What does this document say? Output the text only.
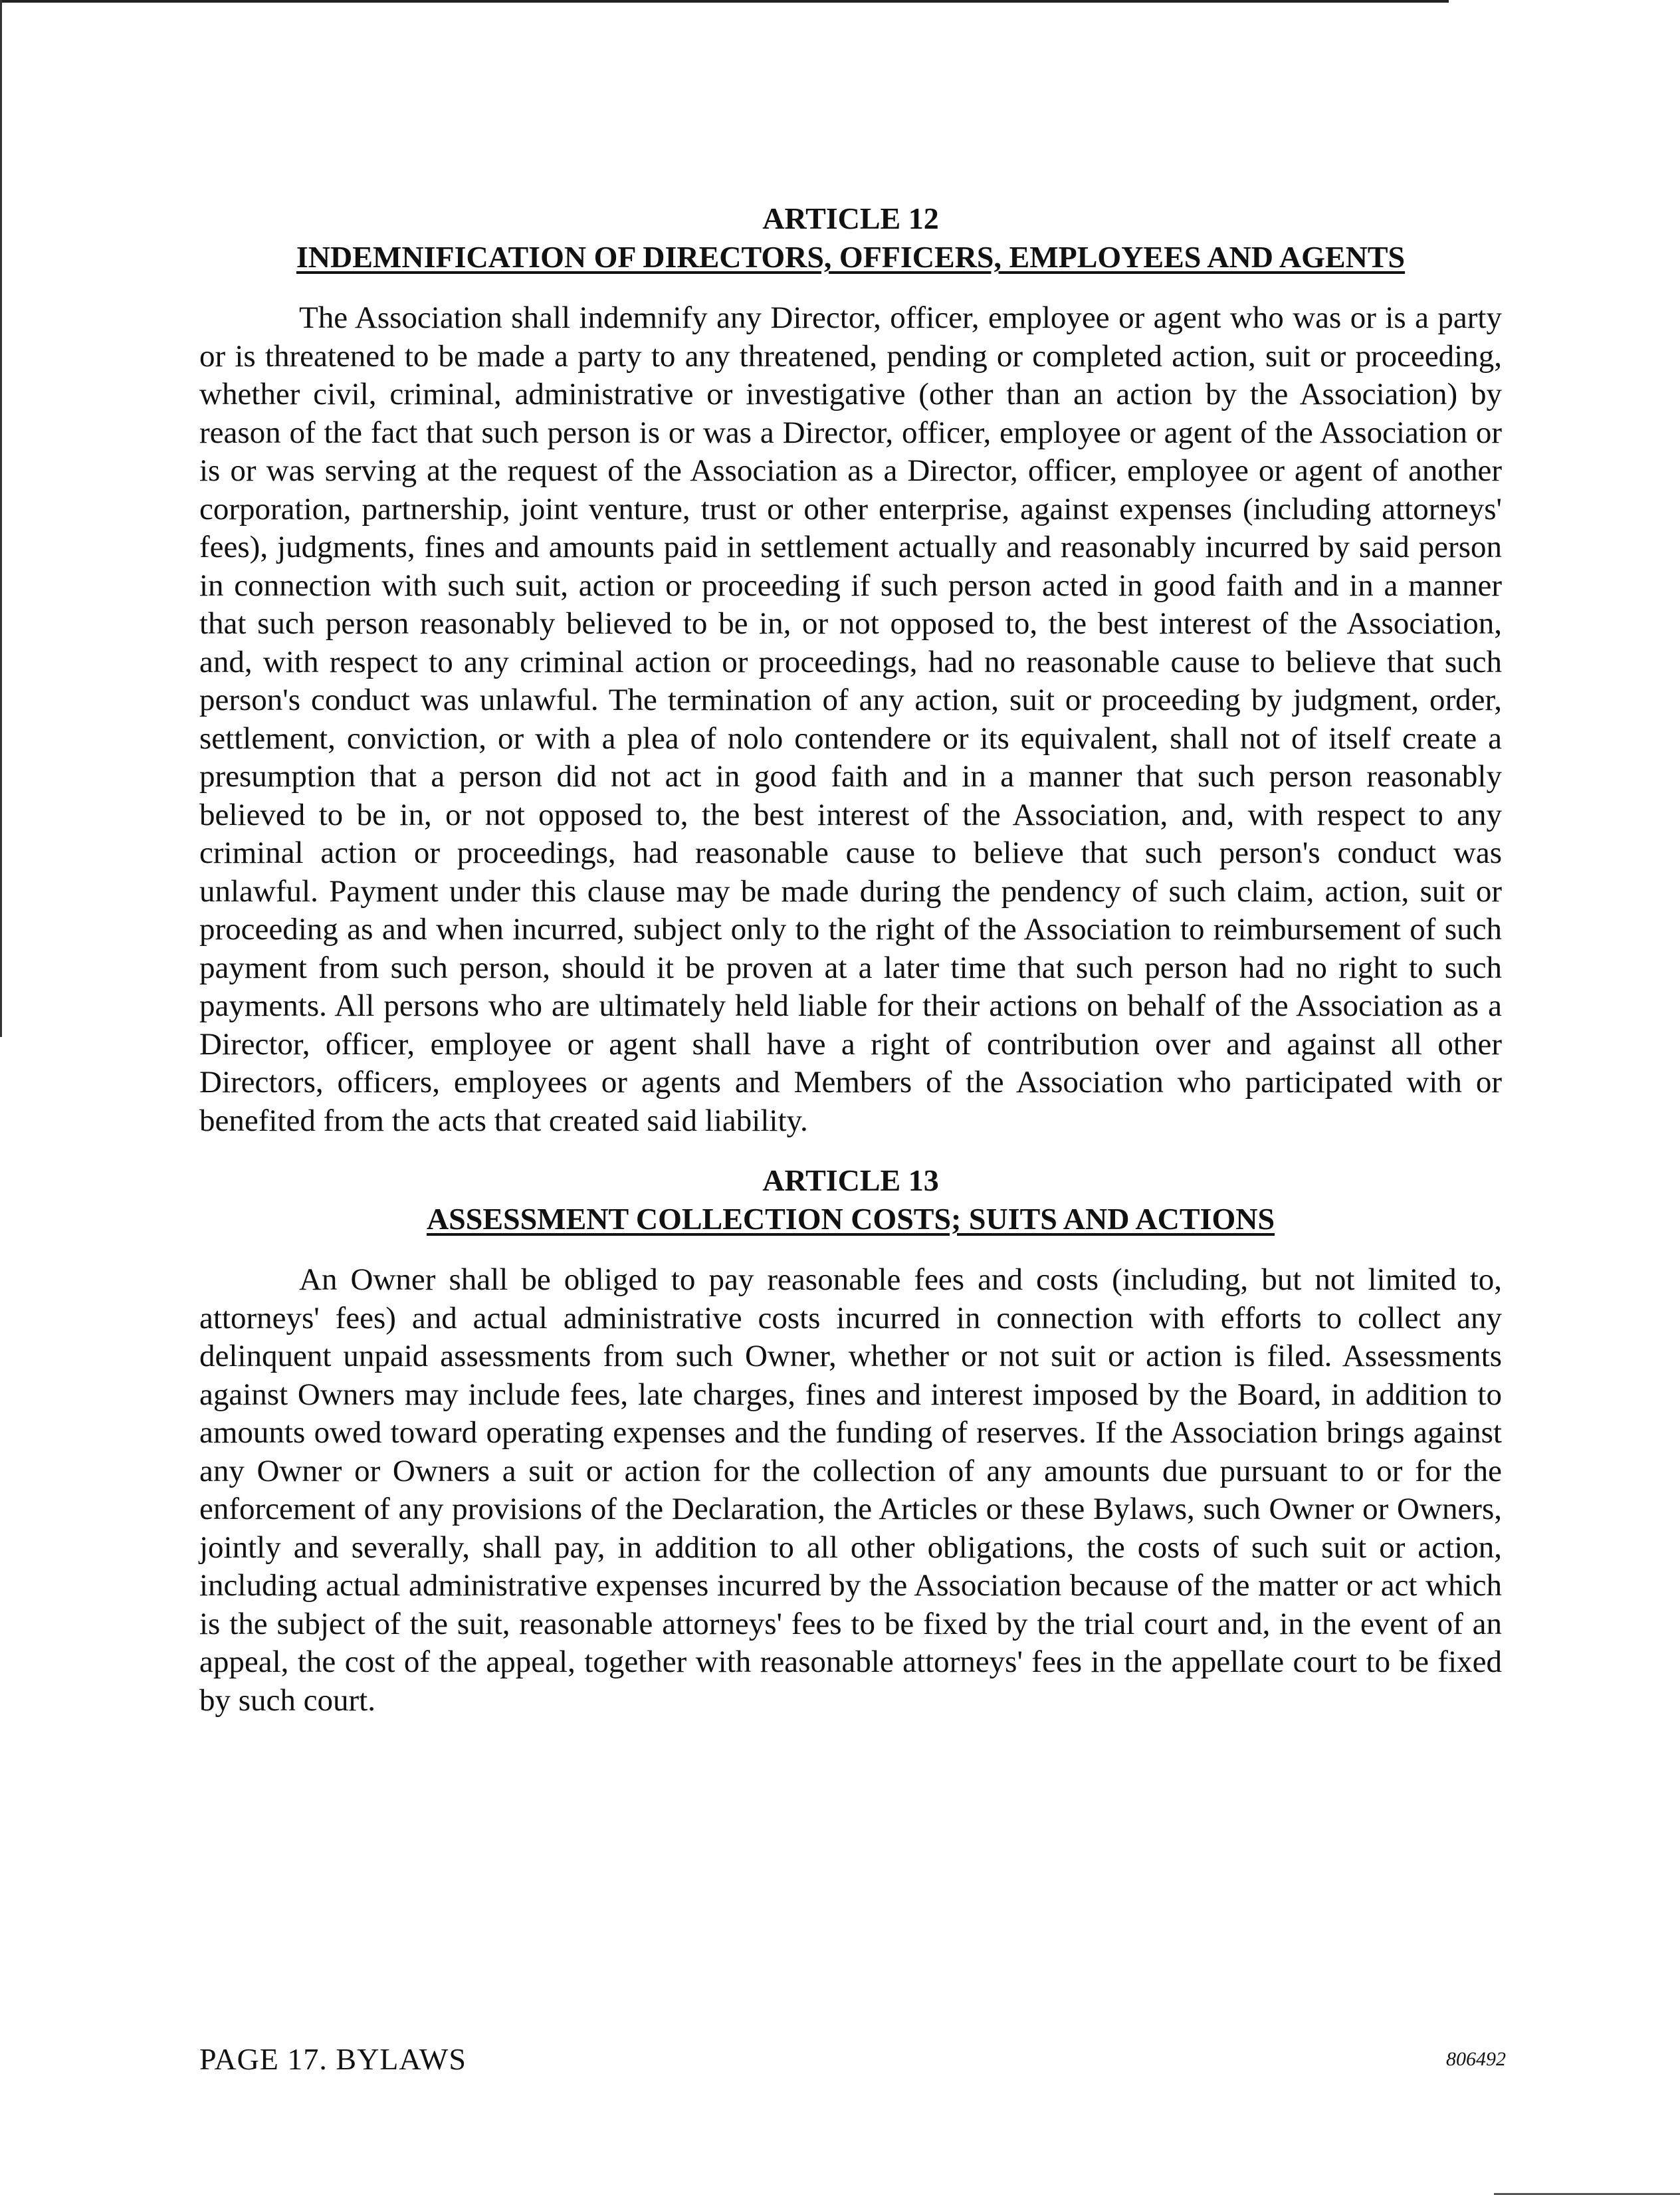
ARTICLE 12
INDEMNIFICATION OF DIRECTORS, OFFICERS, EMPLOYEES AND AGENTS

The Association shall indemnify any Director, officer, employee or agent who was or is a party or is threatened to be made a party to any threatened, pending or completed action, suit or proceeding, whether civil, criminal, administrative or investigative (other than an action by the Association) by reason of the fact that such person is or was a Director, officer, employee or agent of the Association or is or was serving at the request of the Association as a Director, officer, employee or agent of another corporation, partnership, joint venture, trust or other enterprise, against expenses (including attorneys' fees), judgments, fines and amounts paid in settlement actually and reasonably incurred by said person in connection with such suit, action or proceeding if such person acted in good faith and in a manner that such person reasonably believed to be in, or not opposed to, the best interest of the Association, and, with respect to any criminal action or proceedings, had no reasonable cause to believe that such person's conduct was unlawful. The termination of any action, suit or proceeding by judgment, order, settlement, conviction, or with a plea of nolo contendere or its equivalent, shall not of itself create a presumption that a person did not act in good faith and in a manner that such person reasonably believed to be in, or not opposed to, the best interest of the Association, and, with respect to any criminal action or proceedings, had reasonable cause to believe that such person's conduct was unlawful. Payment under this clause may be made during the pendency of such claim, action, suit or proceeding as and when incurred, subject only to the right of the Association to reimbursement of such payment from such person, should it be proven at a later time that such person had no right to such payments. All persons who are ultimately held liable for their actions on behalf of the Association as a Director, officer, employee or agent shall have a right of contribution over and against all other Directors, officers, employees or agents and Members of the Association who participated with or benefited from the acts that created said liability.

ARTICLE 13
ASSESSMENT COLLECTION COSTS; SUITS AND ACTIONS

An Owner shall be obliged to pay reasonable fees and costs (including, but not limited to, attorneys' fees) and actual administrative costs incurred in connection with efforts to collect any delinquent unpaid assessments from such Owner, whether or not suit or action is filed. Assessments against Owners may include fees, late charges, fines and interest imposed by the Board, in addition to amounts owed toward operating expenses and the funding of reserves. If the Association brings against any Owner or Owners a suit or action for the collection of any amounts due pursuant to or for the enforcement of any provisions of the Declaration, the Articles or these Bylaws, such Owner or Owners, jointly and severally, shall pay, in addition to all other obligations, the costs of such suit or action, including actual administrative expenses incurred by the Association because of the matter or act which is the subject of the suit, reasonable attorneys' fees to be fixed by the trial court and, in the event of an appeal, the cost of the appeal, together with reasonable attorneys' fees in the appellate court to be fixed by such court.

PAGE 17. BYLAWS	806492
